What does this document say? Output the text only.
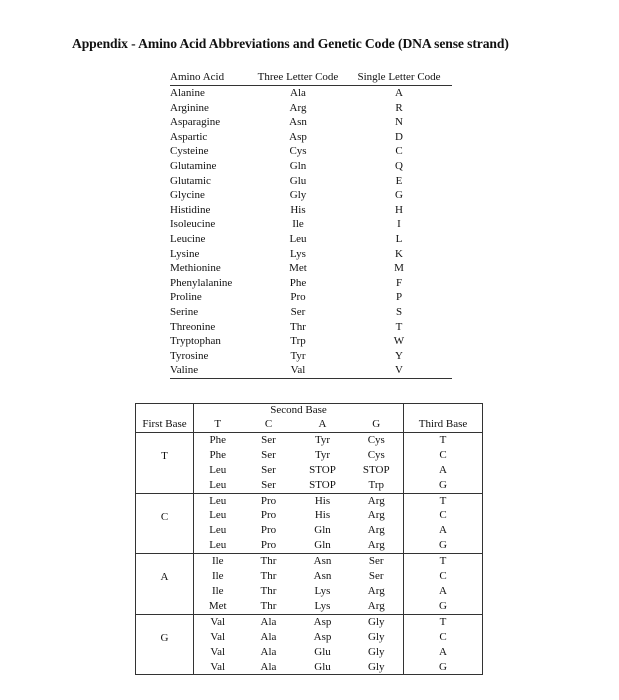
Appendix - Amino Acid Abbreviations and Genetic Code (DNA sense strand)
Amino Acid	Three Letter Code	Single Letter Code
Alanine	Ala	A
Arginine	Arg	R
Asparagine	Asn	N
Aspartic	Asp	D
Cysteine	Cys	C
Glutamine	Gln	Q
Glutamic	Glu	E
Glycine	Gly	G
Histidine	His	H
Isoleucine	Ile	I
Leucine	Leu	L
Lysine	Lys	K
Methionine	Met	M
Phenylalanine	Phe	F
Proline	Pro	P
Serine	Ser	S
Threonine	Thr	T
Tryptophan	Trp	W
Tyrosine	Tyr	Y
Valine	Val	V
	Second Base				
First Base	T	C	A	G	Third Base
T	Phe	Ser	Tyr	Cys	T
	Phe	Ser	Tyr	Cys	C
	Leu	Ser	STOP	STOP	A
	Leu	Ser	STOP	Trp	G
C	Leu	Pro	His	Arg	T
	Leu	Pro	His	Arg	C
	Leu	Pro	Gln	Arg	A
	Leu	Pro	Gln	Arg	G
A	Ile	Thr	Asn	Ser	T
	Ile	Thr	Asn	Ser	C
	Ile	Thr	Lys	Arg	A
	Met	Thr	Lys	Arg	G
G	Val	Ala	Asp	Gly	T
	Val	Ala	Asp	Gly	C
	Val	Ala	Glu	Gly	A
	Val	Ala	Glu	Gly	G
